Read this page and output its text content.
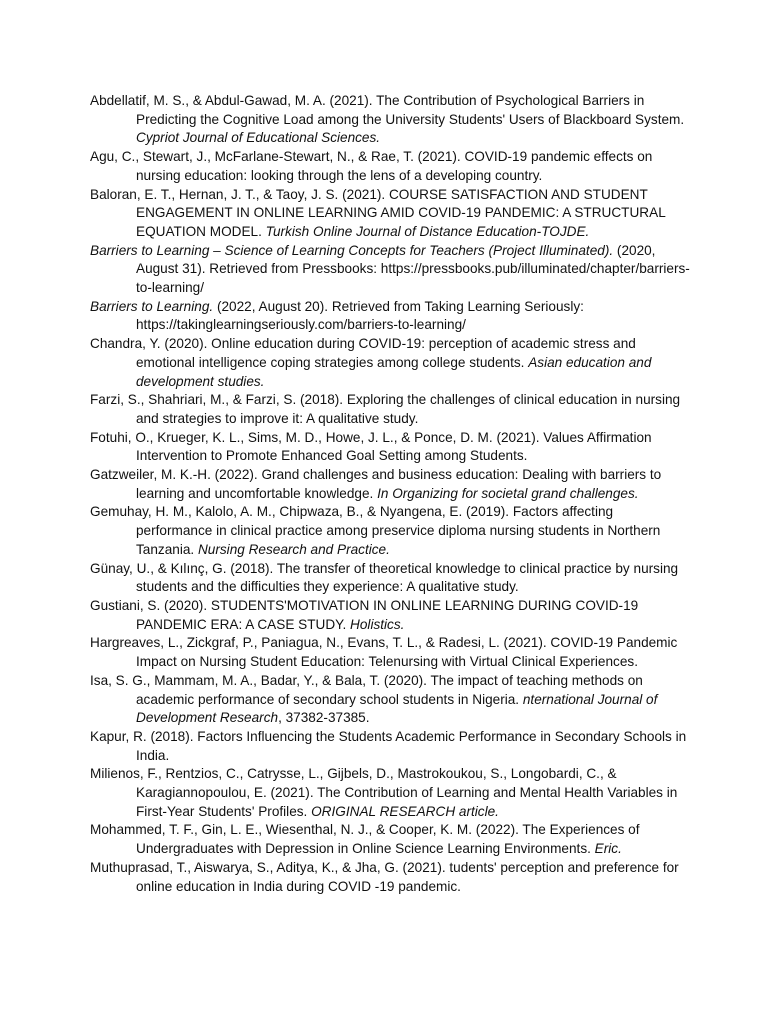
Abdellatif, M. S., & Abdul-Gawad, M. A. (2021). The Contribution of Psychological Barriers in Predicting the Cognitive Load among the University Students' Users of Blackboard System. Cypriot Journal of Educational Sciences.

Agu, C., Stewart, J., McFarlane-Stewart, N., & Rae, T. (2021). COVID-19 pandemic effects on nursing education: looking through the lens of a developing country.

Baloran, E. T., Hernan, J. T., & Taoy, J. S. (2021). COURSE SATISFACTION AND STUDENT ENGAGEMENT IN ONLINE LEARNING AMID COVID-19 PANDEMIC: A STRUCTURAL EQUATION MODEL. Turkish Online Journal of Distance Education-TOJDE.

Barriers to Learning – Science of Learning Concepts for Teachers (Project Illuminated). (2020, August 31). Retrieved from Pressbooks: https://pressbooks.pub/illuminated/chapter/barriers-to-learning/

Barriers to Learning. (2022, August 20). Retrieved from Taking Learning Seriously: https://takinglearningseriously.com/barriers-to-learning/

Chandra, Y. (2020). Online education during COVID-19: perception of academic stress and emotional intelligence coping strategies among college students. Asian education and development studies.

Farzi, S., Shahriari, M., & Farzi, S. (2018). Exploring the challenges of clinical education in nursing and strategies to improve it: A qualitative study.

Fotuhi, O., Krueger, K. L., Sims, M. D., Howe, J. L., & Ponce, D. M. (2021). Values Affirmation Intervention to Promote Enhanced Goal Setting among Students.

Gatzweiler, M. K.-H. (2022). Grand challenges and business education: Dealing with barriers to learning and uncomfortable knowledge. In Organizing for societal grand challenges.

Gemuhay, H. M., Kalolo, A. M., Chipwaza, B., & Nyangena, E. (2019). Factors affecting performance in clinical practice among preservice diploma nursing students in Northern Tanzania. Nursing Research and Practice.

Günay, U., & Kılınç, G. (2018). The transfer of theoretical knowledge to clinical practice by nursing students and the difficulties they experience: A qualitative study.

Gustiani, S. (2020). STUDENTS'MOTIVATION IN ONLINE LEARNING DURING COVID-19 PANDEMIC ERA: A CASE STUDY. Holistics.

Hargreaves, L., Zickgraf, P., Paniagua, N., Evans, T. L., & Radesi, L. (2021). COVID-19 Pandemic Impact on Nursing Student Education: Telenursing with Virtual Clinical Experiences.

Isa, S. G., Mammam, M. A., Badar, Y., & Bala, T. (2020). The impact of teaching methods on academic performance of secondary school students in Nigeria. nternational Journal of Development Research, 37382-37385.

Kapur, R. (2018). Factors Influencing the Students Academic Performance in Secondary Schools in India.

Milienos, F., Rentzios, C., Catrysse, L., Gijbels, D., Mastrokoukou, S., Longobardi, C., & Karagiannopoulou, E. (2021). The Contribution of Learning and Mental Health Variables in First-Year Students' Profiles. ORIGINAL RESEARCH article.

Mohammed, T. F., Gin, L. E., Wiesenthal, N. J., & Cooper, K. M. (2022). The Experiences of Undergraduates with Depression in Online Science Learning Environments. Eric.

Muthuprasad, T., Aiswarya, S., Aditya, K., & Jha, G. (2021). tudents' perception and preference for online education in India during COVID -19 pandemic.
